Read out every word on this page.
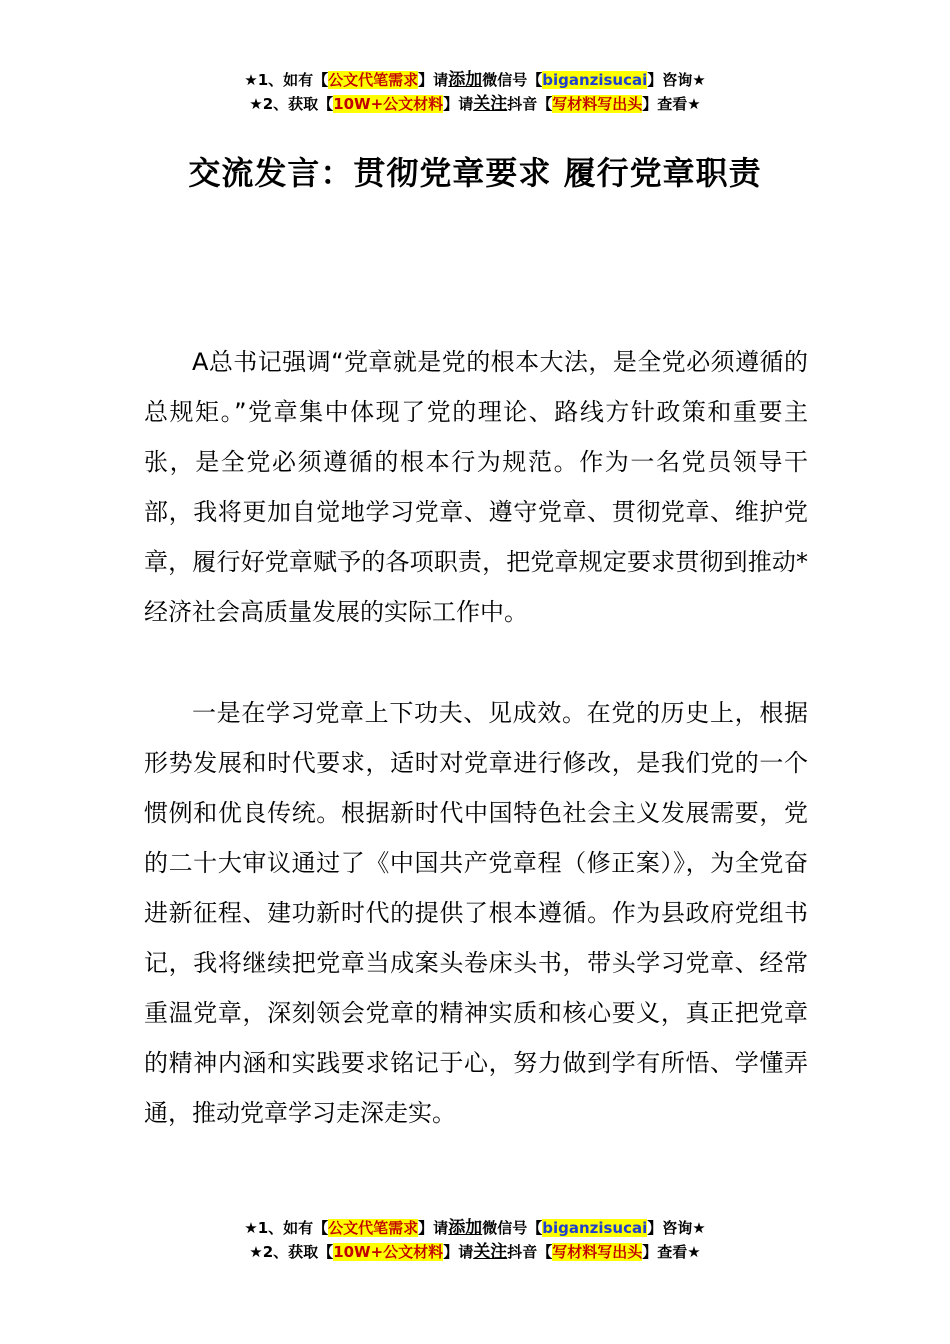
★1、如有【公文代笔需求】请添加微信号【biganzisucai】咨询★
★2、获取【10W+公文材料】请关注抖音【写材料写出头】查看★
交流发言：贯彻党章要求 履行党章职责

A总书记强调“党章就是党的根本大法，是全党必须遵循的总规矩。”党章集中体现了党的理论、路线方针政策和重要主张，是全党必须遵循的根本行为规范。作为一名党员领导干部，我将更加自觉地学习党章、遵守党章、贯彻党章、维护党章，履行好党章赋予的各项职责，把党章规定要求贯彻到推动*经济社会高质量发展的实际工作中。

一是在学习党章上下功夫、见成效。在党的历史上，根据形势发展和时代要求，适时对党章进行修改，是我们党的一个惯例和优良传统。根据新时代中国特色社会主义发展需要，党的二十大审议通过了《中国共产党章程（修正案）》，为全党奋进新征程、建功新时代的提供了根本遵循。作为县政府党组书记，我将继续把党章当成案头卷床头书，带头学习党章、经常重温党章，深刻领会党章的精神实质和核心要义，真正把党章的精神内涵和实践要求铭记于心，努力做到学有所悟、学懂弄通，推动党章学习走深走实。

★1、如有【公文代笔需求】请添加微信号【biganzisucai】咨询★
★2、获取【10W+公文材料】请关注抖音【写材料写出头】查看★
